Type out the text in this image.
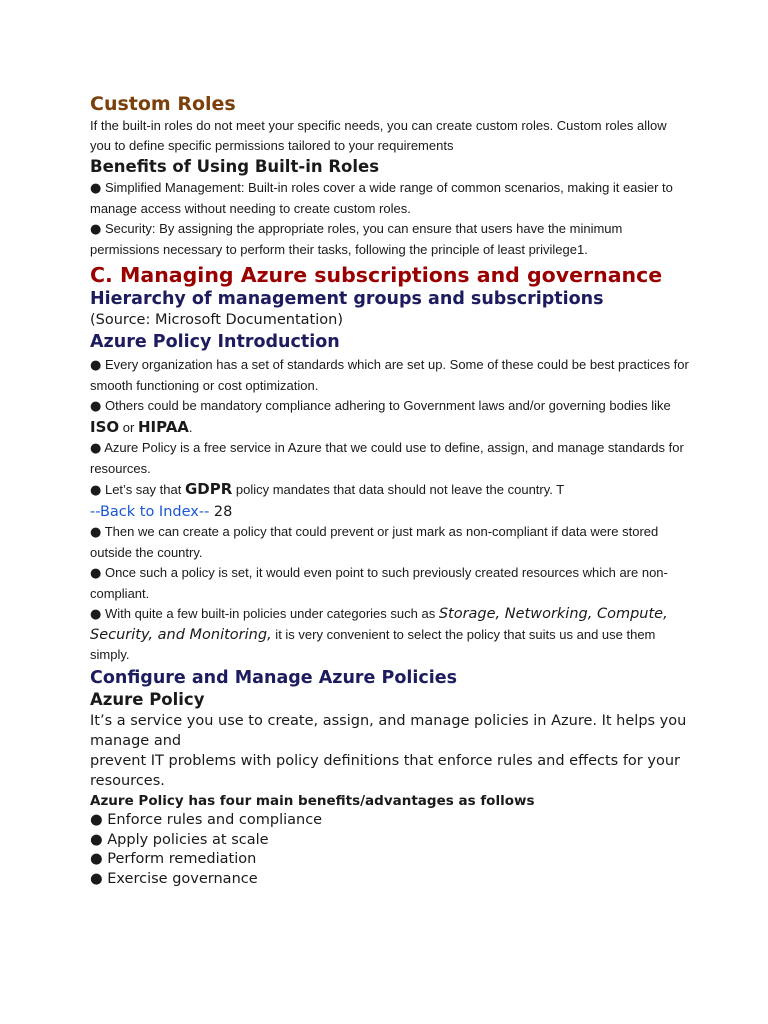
Custom Roles

If the built-in roles do not meet your specific needs, you can create custom roles. Custom roles allow

you to define specific permissions tailored to your requirements

Benefits of Using Built-in Roles

● Simplified Management: Built-in roles cover a wide range of common scenarios, making it easier to manage access without needing to create custom roles.

● Security: By assigning the appropriate roles, you can ensure that users have the minimum permissions necessary to perform their tasks, following the principle of least privilege1.

C. Managing Azure subscriptions and governance
Hierarchy of management groups and subscriptions

(Source: Microsoft Documentation)

Azure Policy Introduction

● Every organization has a set of standards which are set up. Some of these could be best practices for smooth functioning or cost optimization.

● Others could be mandatory compliance adhering to Government laws and/or governing bodies like ISO or HIPAA.

● Azure Policy is a free service in Azure that we could use to define, assign, and manage standards for resources.

● Let’s say that GDPR policy mandates that data should not leave the country. T

--Back to Index-- 28

● Then we can create a policy that could prevent or just mark as non-compliant if data were stored outside the country.

● Once such a policy is set, it would even point to such previously created resources which are non-compliant.

● With quite a few built-in policies under categories such as Storage, Networking, Compute,
Security, and Monitoring, it is very convenient to select the policy that suits us and use them simply.

Configure and Manage Azure Policies
Azure Policy

It’s a service you use to create, assign, and manage policies in Azure. It helps you manage and

prevent IT problems with policy definitions that enforce rules and effects for your resources.

Azure Policy has four main benefits/advantages as follows

● Enforce rules and compliance

● Apply policies at scale

● Perform remediation

● Exercise governance
